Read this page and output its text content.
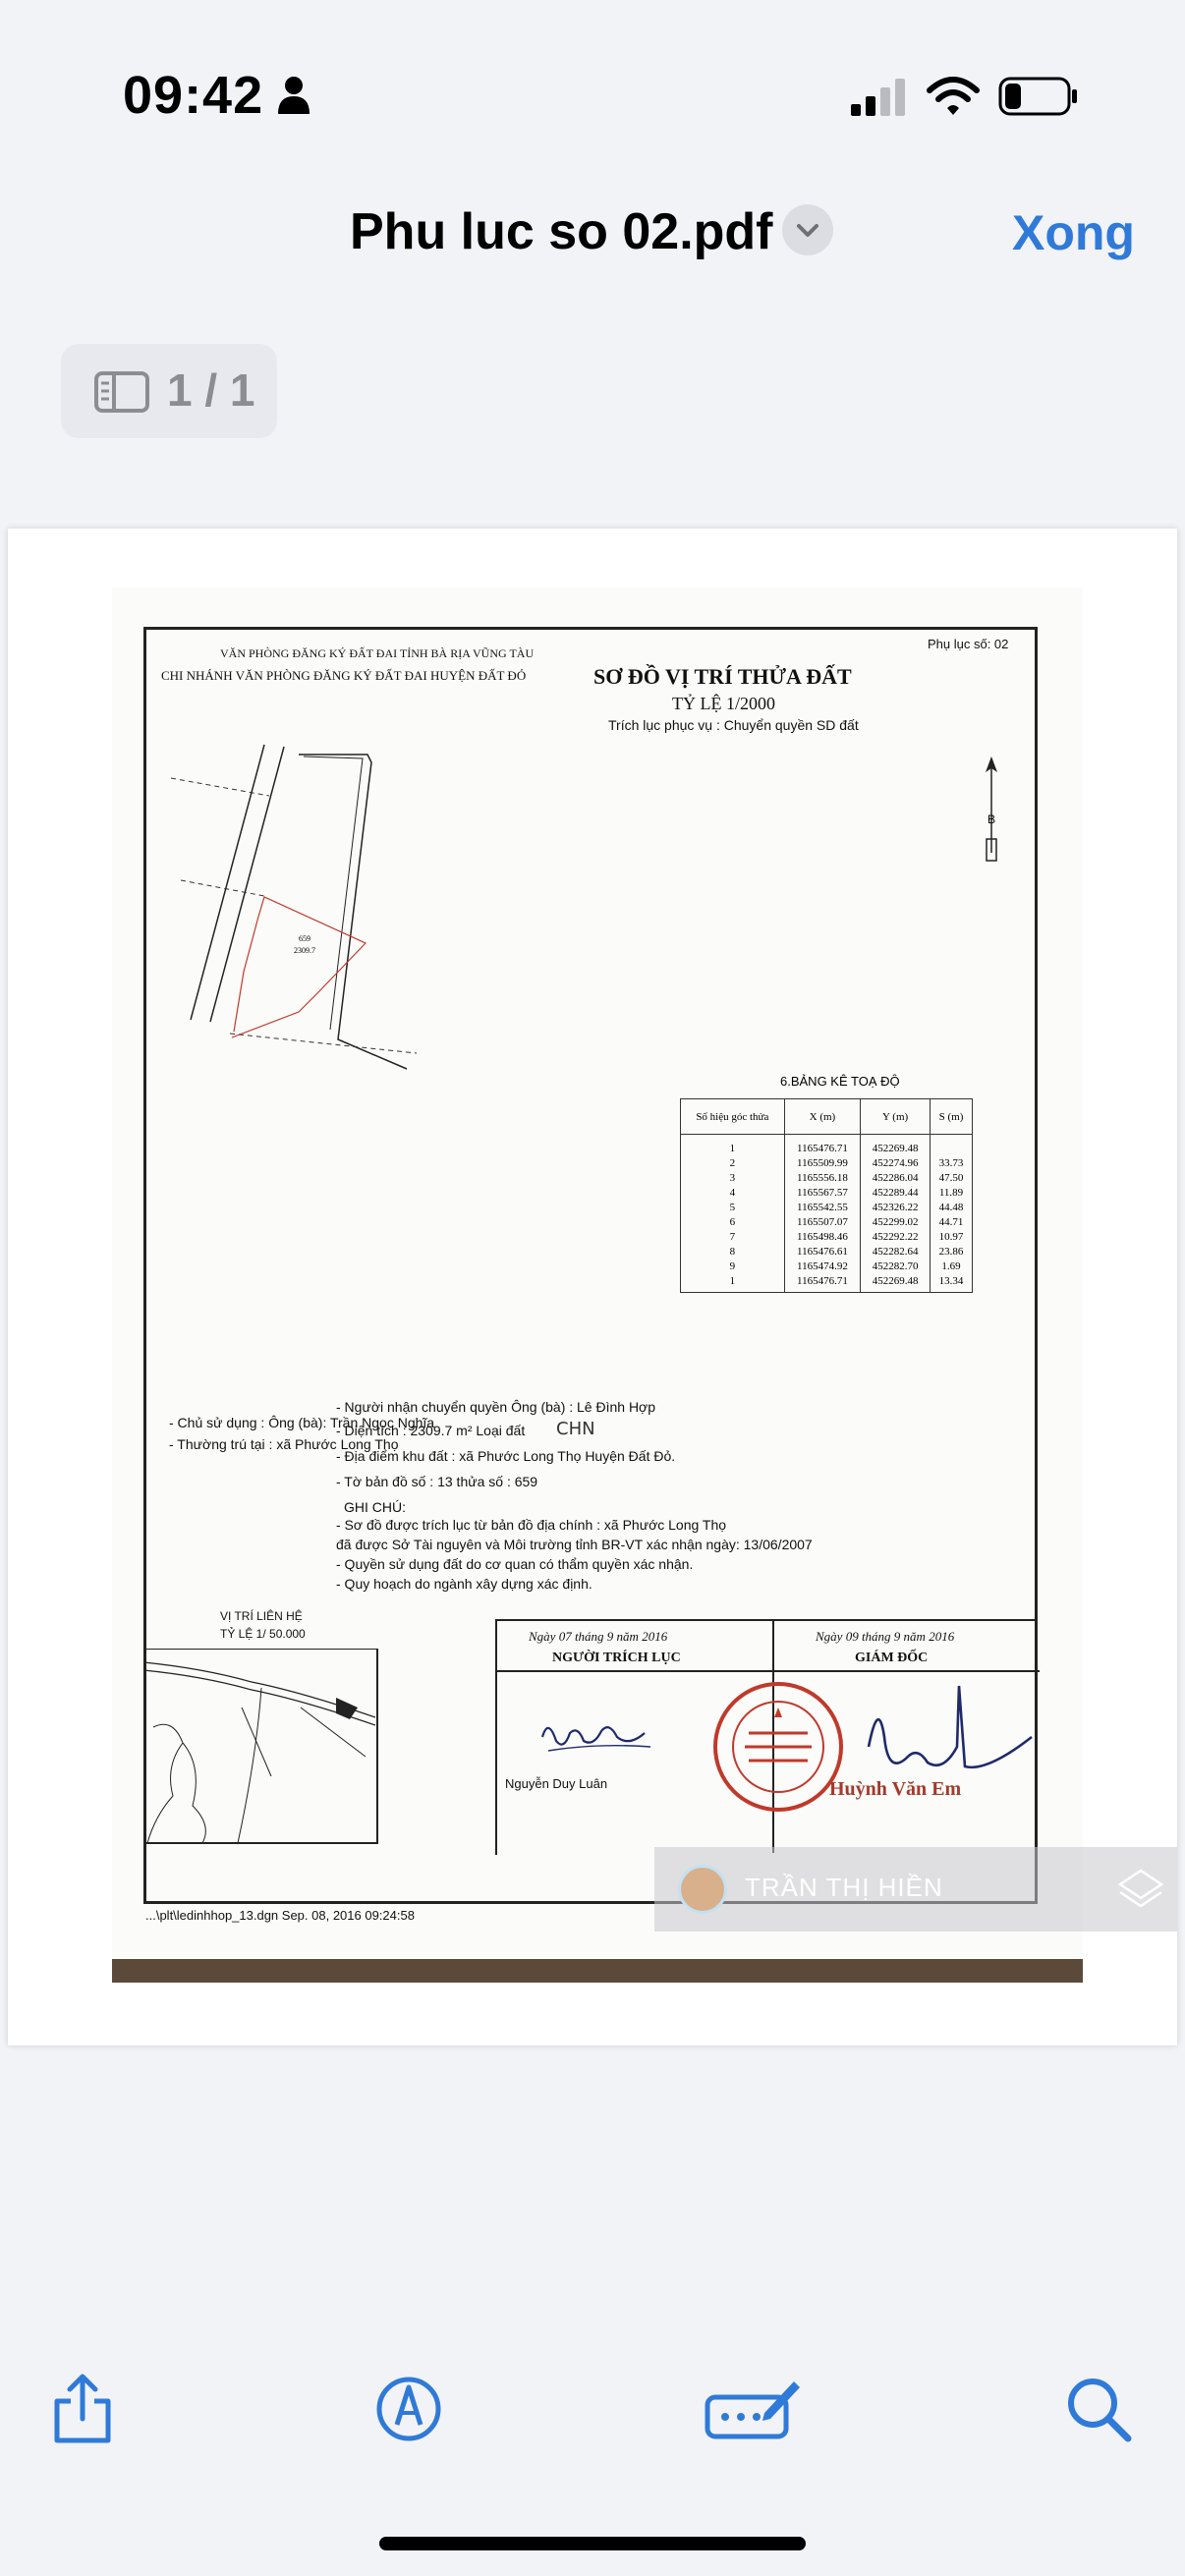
09:42
Phu luc so 02.pdf	Xong
1 / 1
VĂN PHÒNG ĐĂNG KÝ ĐẤT ĐAI TỈNH BÀ RỊA VŨNG TÀU
CHI NHÁNH VĂN PHÒNG ĐĂNG KÝ ĐẤT ĐAI HUYỆN ĐẤT ĐỎ
Phụ lục số: 02
SƠ ĐỒ VỊ TRÍ THỬA ĐẤT
TỶ LỆ 1/2000
Trích lục phục vụ : Chuyển quyền SD đất
659
2309.7
B
6.BẢNG KÊ TOẠ ĐỘ
Số hiệu góc thửa	X (m)	Y (m)	S (m)
1	1165476.71	452269.48	
2	1165509.99	452274.96	33.73
3	1165556.18	452286.04	47.50
4	1165567.57	452289.44	11.89
5	1165542.55	452326.22	44.48
6	1165507.07	452299.02	44.71
7	1165498.46	452292.22	10.97
8	1165476.61	452282.64	23.86
9	1165474.92	452282.70	1.69
1	1165476.71	452269.48	13.34
- Người nhận chuyển quyền Ông (bà) : Lê Đình Hợp
- Chủ sử dụng : Ông (bà): Trần Ngọc Nghĩa
- Thường trú tại : xã Phước Long Thọ
- Diện tích : 2309.7 m² Loại đất CHN
- Địa điểm khu đất : xã Phước Long Thọ Huyện Đất Đỏ.
- Tờ bản đồ số : 13 thửa số : 659
GHI CHÚ:
- Sơ đồ được trích lục từ bản đồ địa chính : xã Phước Long Thọ
đã được Sở Tài nguyên và Môi trường tỉnh BR-VT xác nhận ngày: 13/06/2007
- Quyền sử dụng đất do cơ quan có thẩm quyền xác nhận.
- Quy hoạch do ngành xây dựng xác định.
VỊ TRÍ LIÊN HỆ
TỶ LỆ 1/ 50.000	Ngày 07 tháng 9 năm 2016
NGƯỜI TRÍCH LỤC
Ngày 09 tháng 9 năm 2016
GIÁM ĐỐC
Nguyễn Duy Luân	Huỳnh Văn Em
...\plt\ledinhhop_13.dgn Sep. 08, 2016 09:24:58
TRẦN THỊ HIỀN
